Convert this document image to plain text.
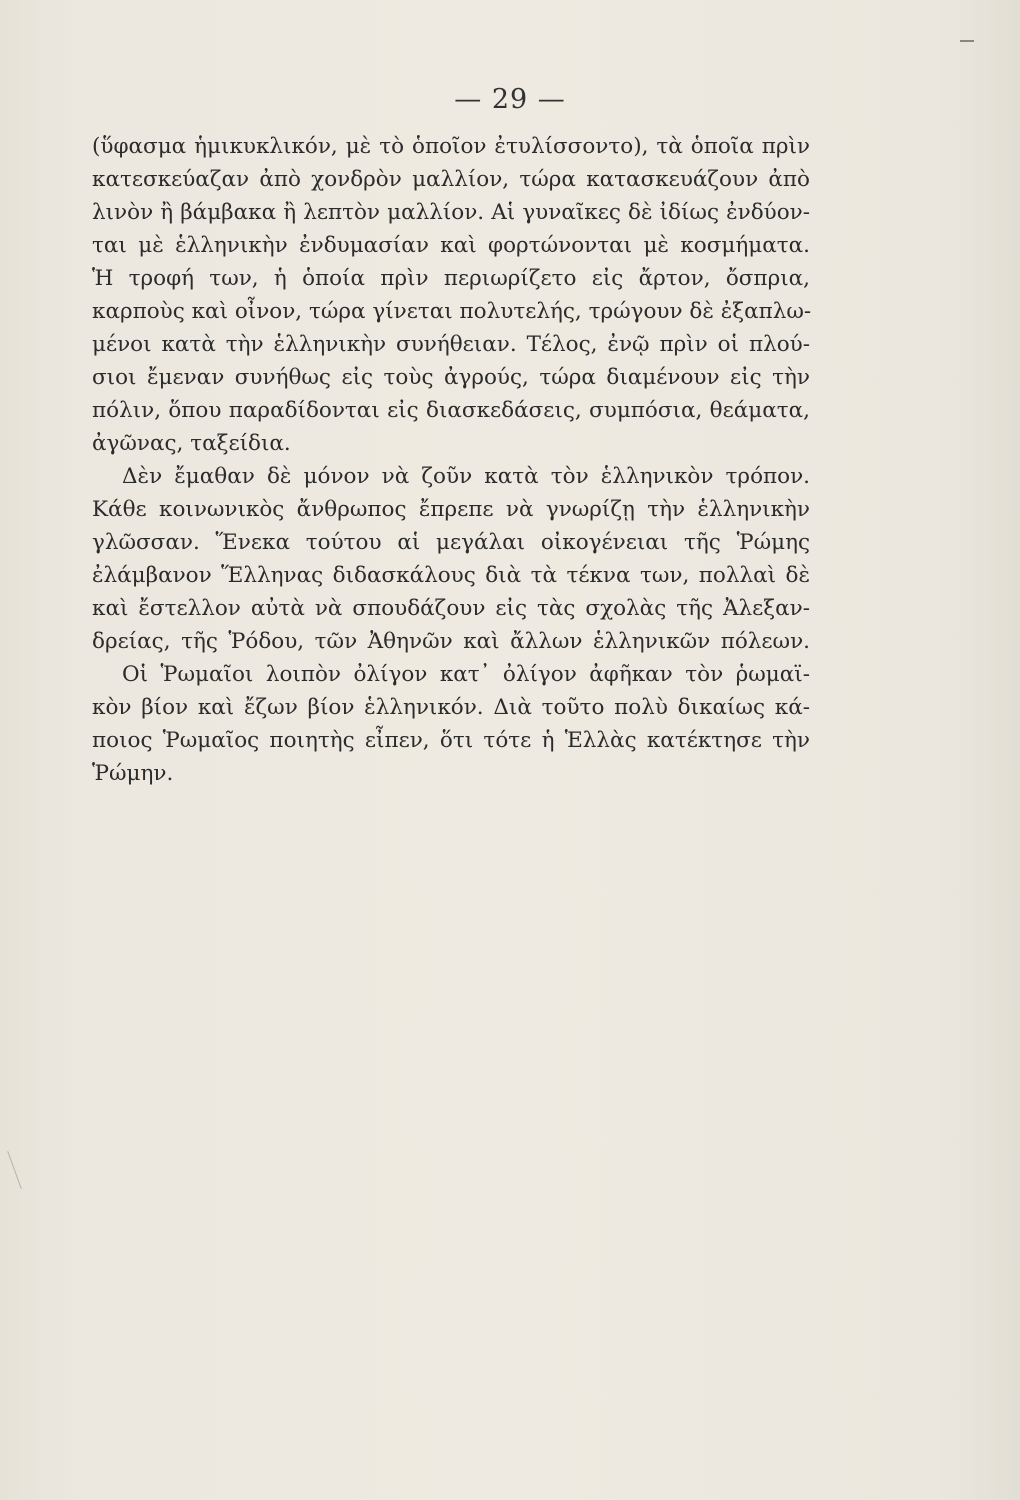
— 29 —
(ὕφασμα ἡμικυκλικόν, μὲ τὸ ὁποῖον ἐτυλίσσοντο), τὰ ὁποῖα πρὶν
κατεσκεύαζαν ἀπὸ χονδρὸν μαλλίον, τώρα κατασκευάζουν ἀπὸ
λινὸν ἢ βάμβακα ἢ λεπτὸν μαλλίον. Αἱ γυναῖκες δὲ ἰδίως ἐνδύον-
ται μὲ ἑλληνικὴν ἐνδυμασίαν καὶ φορτώνονται μὲ κοσμήματα.
Ἡ τροφή των, ἡ ὁποία πρὶν περιωρίζετο εἰς ἄρτον, ὄσπρια,
καρποὺς καὶ οἶνον, τώρα γίνεται πολυτελής, τρώγουν δὲ ἐξαπλω-
μένοι κατὰ τὴν ἑλληνικὴν συνήθειαν. Τέλος, ἐνῷ πρὶν οἱ πλού-
σιοι ἔμεναν συνήθως εἰς τοὺς ἀγρούς, τώρα διαμένουν εἰς τὴν
πόλιν, ὅπου παραδίδονται εἰς διασκεδάσεις, συμπόσια, θεάματα,
ἀγῶνας, ταξείδια.
Δὲν ἔμαθαν δὲ μόνον νὰ ζοῦν κατὰ τὸν ἑλληνικὸν τρόπον.
Κάθε κοινωνικὸς ἄνθρωπος ἔπρεπε νὰ γνωρίζῃ τὴν ἑλληνικὴν
γλῶσσαν. Ἕνεκα τούτου αἱ μεγάλαι οἰκογένειαι τῆς Ῥώμης
ἐλάμβανον Ἕλληνας διδασκάλους διὰ τὰ τέκνα των, πολλαὶ δὲ
καὶ ἔστελλον αὐτὰ νὰ σπουδάζουν εἰς τὰς σχολὰς τῆς Ἀλεξαν-
δρείας, τῆς Ῥόδου, τῶν Ἀθηνῶν καὶ ἄλλων ἑλληνικῶν πόλεων.
Οἱ Ῥωμαῖοι λοιπὸν ὀλίγον κατ᾽ ὀλίγον ἀφῆκαν τὸν ῥωμαϊ-
κὸν βίον καὶ ἔζων βίον ἑλληνικόν. Διὰ τοῦτο πολὺ δικαίως κά-
ποιος Ῥωμαῖος ποιητὴς εἶπεν, ὅτι τότε ἡ Ἑλλὰς κατέκτησε τὴν
Ῥώμην.
